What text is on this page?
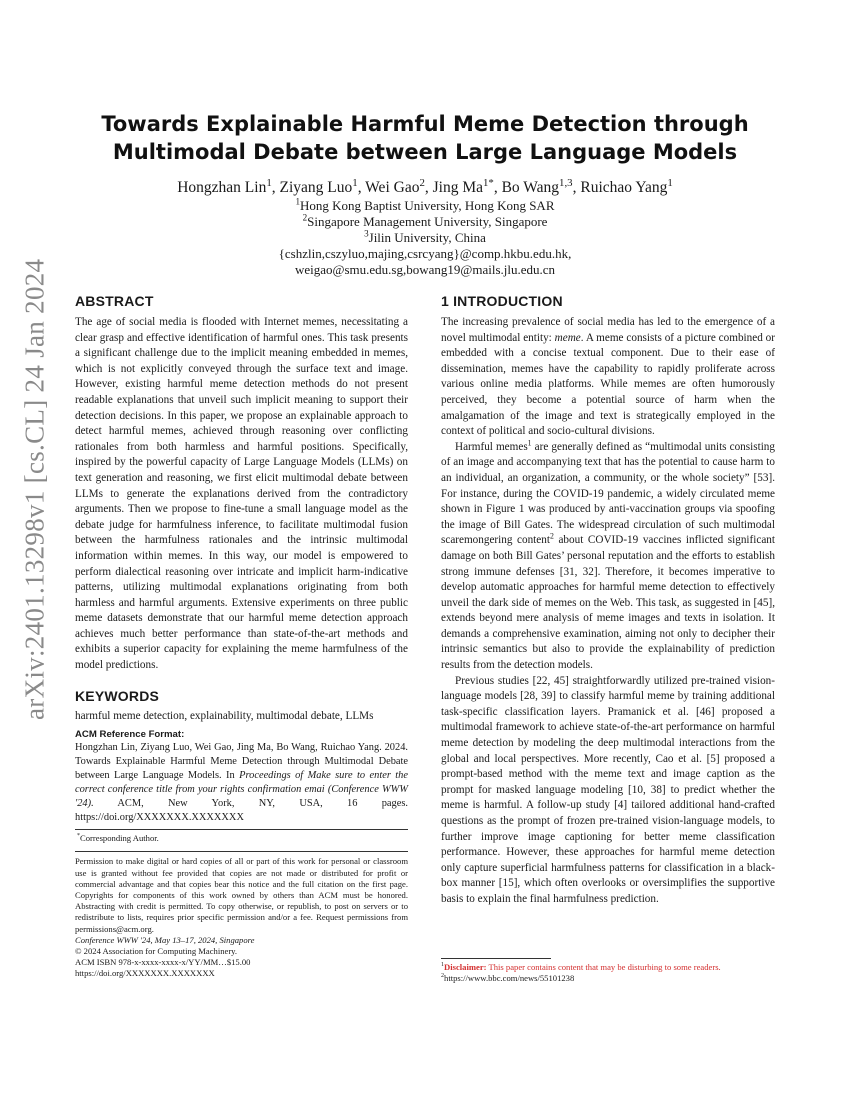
arXiv:2401.13298v1 [cs.CL] 24 Jan 2024
Towards Explainable Harmful Meme Detection through
Multimodal Debate between Large Language Models
Hongzhan Lin$^1$, Ziyang Luo$^1$, Wei Gao$^2$, Jing $Ma^{1*}$, Bo Wang$^{1,3}$, Ruichao Yang$^1$
$^1$Hong Kong Baptist University, Hong Kong SAR
$^2$Singapore Management University, Singapore
$^3$Jilin University, China
{cshzlin,cszyluo,majing,csrcyang}@comp.hkbu.edu.hk,
weigao@smu.edu.sg,bowang19@mails.jlu.edu.cn
ABSTRACT

The age of social media is flooded with Internet memes, necessitating a clear grasp and effective identification of harmful ones. This task presents a significant challenge due to the implicit meaning embedded in memes, which is not explicitly conveyed through the surface text and image. However, existing harmful meme detection methods do not present readable explanations that unveil such implicit meaning to support their detection decisions. In this paper, we propose an explainable approach to detect harmful memes, achieved through reasoning over conflicting rationales from both harmless and harmful positions. Specifically, inspired by the powerful capacity of Large Language Models (LLMs) on text generation and reasoning, we first elicit multimodal debate between LLMs to generate the explanations derived from the contradictory arguments. Then we propose to fine-tune a small language model as the debate judge for harmfulness inference, to facilitate multimodal fusion between the harmfulness rationales and the intrinsic multimodal information within memes. In this way, our model is empowered to perform dialectical reasoning over intricate and implicit harm-indicative patterns, utilizing multimodal explanations originating from both harmless and harmful arguments. Extensive experiments on three public meme datasets demonstrate that our harmful meme detection approach achieves much better performance than state-of-the-art methods and exhibits a superior capacity for explaining the meme harmfulness of the model predictions.

KEYWORDS

harmful meme detection, explainability, multimodal debate, LLMs

ACM Reference Format:

Hongzhan Lin, Ziyang Luo, Wei Gao, Jing Ma, Bo Wang, Ruichao Yang. 2024. Towards Explainable Harmful Meme Detection through Multimodal Debate between Large Language Models. In Proceedings of Make sure to enter the correct conference title from your rights confirmation emai (Conference WWW '24). ACM, New York, NY, USA, 16 pages. https://doi.org/XXXXXXX.XXXXXXX

*Corresponding Author.

Permission to make digital or hard copies of all or part of this work for personal or classroom use is granted without fee provided that copies are not made or distributed for profit or commercial advantage and that copies bear this notice and the full citation on the first page. Copyrights for components of this work owned by others than ACM must be honored. Abstracting with credit is permitted. To copy otherwise, or republish, to post on servers or to redistribute to lists, requires prior specific permission and/or a fee. Request permissions from permissions@acm.org.

Conference WWW '24, May 13–17, 2024, Singapore
© 2024 Association for Computing Machinery.
ACM ISBN 978-x-xxxx-xxxx-x/YY/MM…$15.00
https://doi.org/XXXXXXX.XXXXXXX
1 INTRODUCTION

The increasing prevalence of social media has led to the emergence of a novel multimodal entity: meme. A meme consists of a picture combined or embedded with a concise textual component. Due to their ease of dissemination, memes have the capability to rapidly proliferate across various online media platforms. While memes are often humorously perceived, they become a potential source of harm when the amalgamation of the image and text is strategically employed in the context of political and socio-cultural divisions.

Harmful memes$^1$ are generally defined as “multimodal units consisting of an image and accompanying text that has the potential to cause harm to an individual, an organization, a community, or the whole society” [53]. For instance, during the COVID-19 pandemic, a widely circulated meme shown in Figure 1 was produced by anti-vaccination groups via spoofing the image of Bill Gates. The widespread circulation of such multimodal scaremongering content$^2$ about COVID-19 vaccines inflicted significant damage on both Bill Gates’ personal reputation and the efforts to establish strong immune defenses [31, 32]. Therefore, it becomes imperative to develop automatic approaches for harmful meme detection to effectively unveil the dark side of memes on the Web. This task, as suggested in [45], extends beyond mere analysis of meme images and texts in isolation. It demands a comprehensive examination, aiming not only to decipher their intrinsic semantics but also to provide the explainability of prediction results from the detection models.

Previous studies [22, 45] straightforwardly utilized pre-trained vision-language models [28, 39] to classify harmful meme by training additional task-specific classification layers. Pramanick et al. [46] proposed a multimodal framework to achieve state-of-the-art performance on harmful meme detection by modeling the deep multimodal interactions from the global and local perspectives. More recently, Cao et al. [5] proposed a prompt-based method with the meme text and image caption as the prompt for masked language modeling [10, 38] to predict whether the meme is harmful. A follow-up study [4] tailored additional hand-crafted questions as the prompt of frozen pre-trained vision-language models, to further improve image captioning for better meme classification performance. However, these approaches for harmful meme detection only capture superficial harmfulness patterns for classification in a black-box manner [15], which often overlooks or oversimplifies the supportive basis to explain the final harmfulness prediction.

$^1$Disclaimer: This paper contains content that may be disturbing to some readers.
$^2$https://www.bbc.com/news/55101238
